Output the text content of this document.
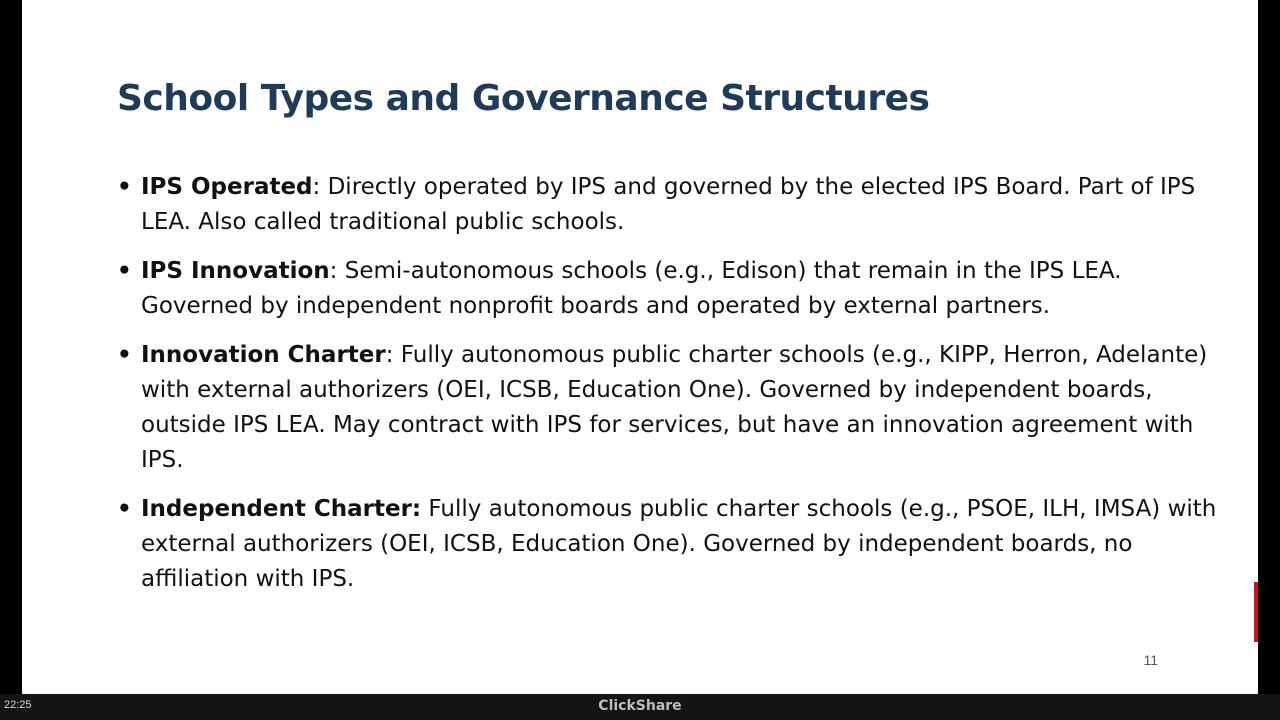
School Types and Governance Structures
• IPS Operated: Directly operated by IPS and governed by the elected IPS Board. Part of IPS LEA. Also called traditional public schools.
• IPS Innovation: Semi-autonomous schools (e.g., Edison) that remain in the IPS LEA. Governed by independent nonprofit boards and operated by external partners.
• Innovation Charter: Fully autonomous public charter schools (e.g., KIPP, Herron, Adelante) with external authorizers (OEI, ICSB, Education One). Governed by independent boards, outside IPS LEA. May contract with IPS for services, but have an innovation agreement with IPS.
• Independent Charter: Fully autonomous public charter schools (e.g., PSOE, ILH, IMSA) with external authorizers (OEI, ICSB, Education One). Governed by independent boards, no affiliation with IPS.
11
22:25	ClickShare
